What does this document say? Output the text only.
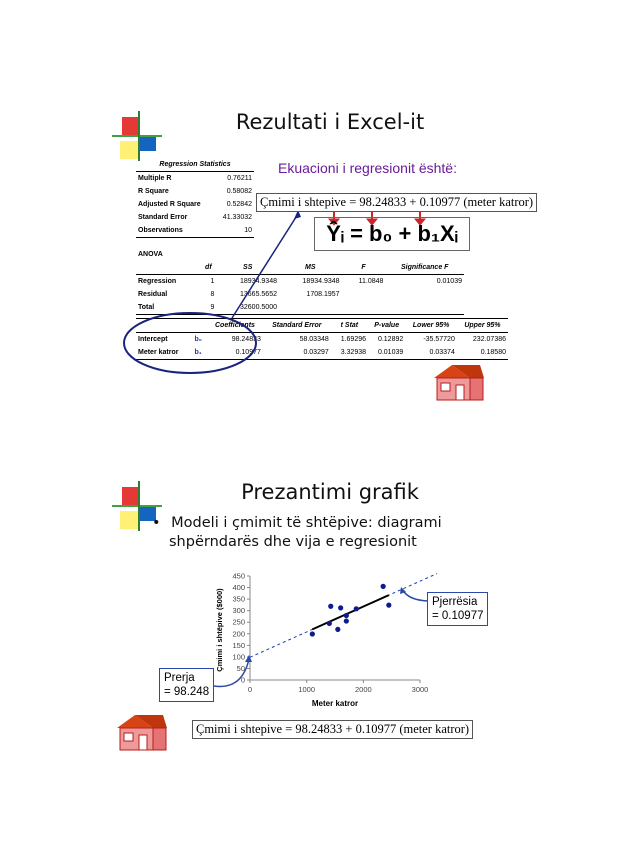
Rezultati i Excel-it
Ekuacioni i regresionit është:
Regression Statistics	
Multiple R	0.76211
R Square	0.58082
Adjusted R Square	0.52842
Standard Error	41.33032
Observations	10
ANOVA					
	df	SS	MS	F	Significance F
Regression	1	18934.9348	18934.9348	11.0848	0.01039
Residual	8	13665.5652	1708.1957		
Total	9	32600.5000			
		Coefficients	Standard Error	t Stat	P-value	Lower 95%	Upper 95%
Intercept	b₀	98.24833	58.03348	1.69296	0.12892	-35.57720	232.07386
Meter katror	b₁	0.10977	0.03297	3.32938	0.01039	0.03374	0.18580
Çmimi i shtepive = 98.24833 + 0.10977 (meter katror)
Ŷᵢ = b₀ + b₁Xᵢ
Prezantimi grafik
• Modeli i çmimit të shtëpive: diagrami
shpërndarës dhe vija e regresionit
0
50
100
150
200
250
300
350
400
450
0	1000	2000	3000
Meter katror
Çmimi i shtëpive ($000)	Pjerrësia
= 0.10977
Prerja
= 98.248
Çmimi i shtepive = 98.24833 + 0.10977 (meter katror)
